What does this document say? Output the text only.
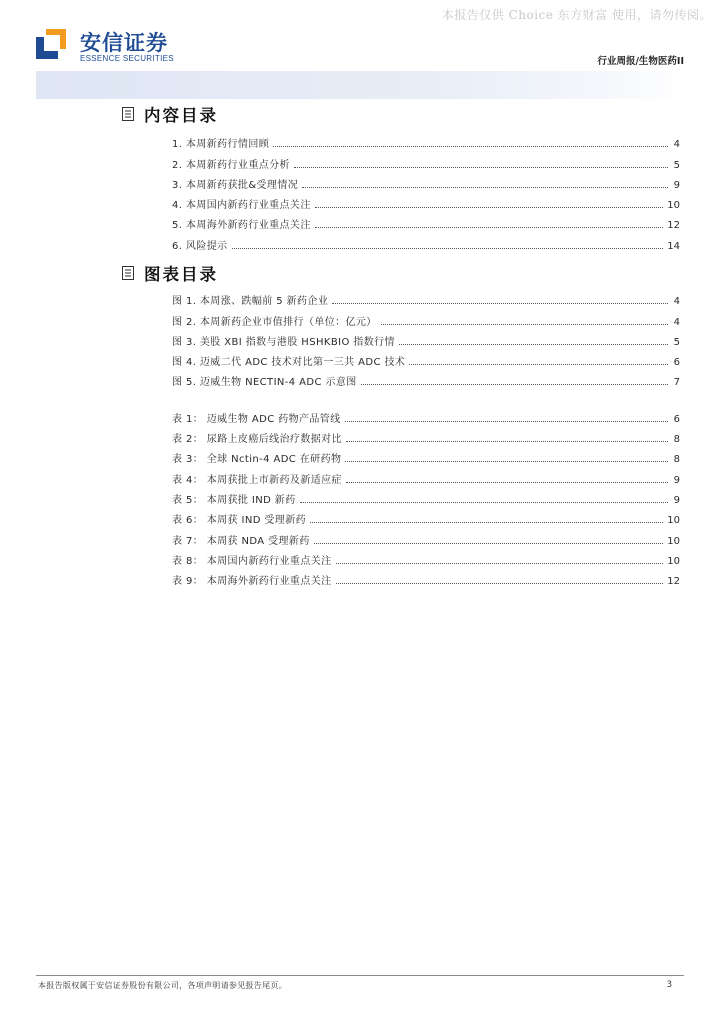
本报告仅供 Choice 东方财富 使用，请勿传阅。
安信证券
ESSENCE SECURITIES	行业周报/生物医药II
内容目录
1. 本周新药行情回顾	4
2. 本周新药行业重点分析	5
3. 本周新药获批&受理情况	9
4. 本周国内新药行业重点关注	10
5. 本周海外新药行业重点关注	12
6. 风险提示	14
图表目录
图 1. 本周涨、跌幅前 5 新药企业	4
图 2. 本周新药企业市值排行（单位：亿元）	4
图 3. 美股 XBI 指数与港股 HSHKBIO 指数行情	5
图 4. 迈威二代 ADC 技术对比第一三共 ADC 技术	6
图 5. 迈威生物 NECTIN-4 ADC 示意图	7
表 1： 迈威生物 ADC 药物产品管线	6
表 2： 尿路上皮癌后线治疗数据对比	8
表 3： 全球 Nctin-4 ADC 在研药物	8
表 4： 本周获批上市新药及新适应症	9
表 5： 本周获批 IND 新药	9
表 6： 本周获 IND 受理新药	10
表 7： 本周获 NDA 受理新药	10
表 8： 本周国内新药行业重点关注	10
表 9： 本周海外新药行业重点关注	12
本报告版权属于安信证券股份有限公司，各项声明请参见报告尾页。	3
